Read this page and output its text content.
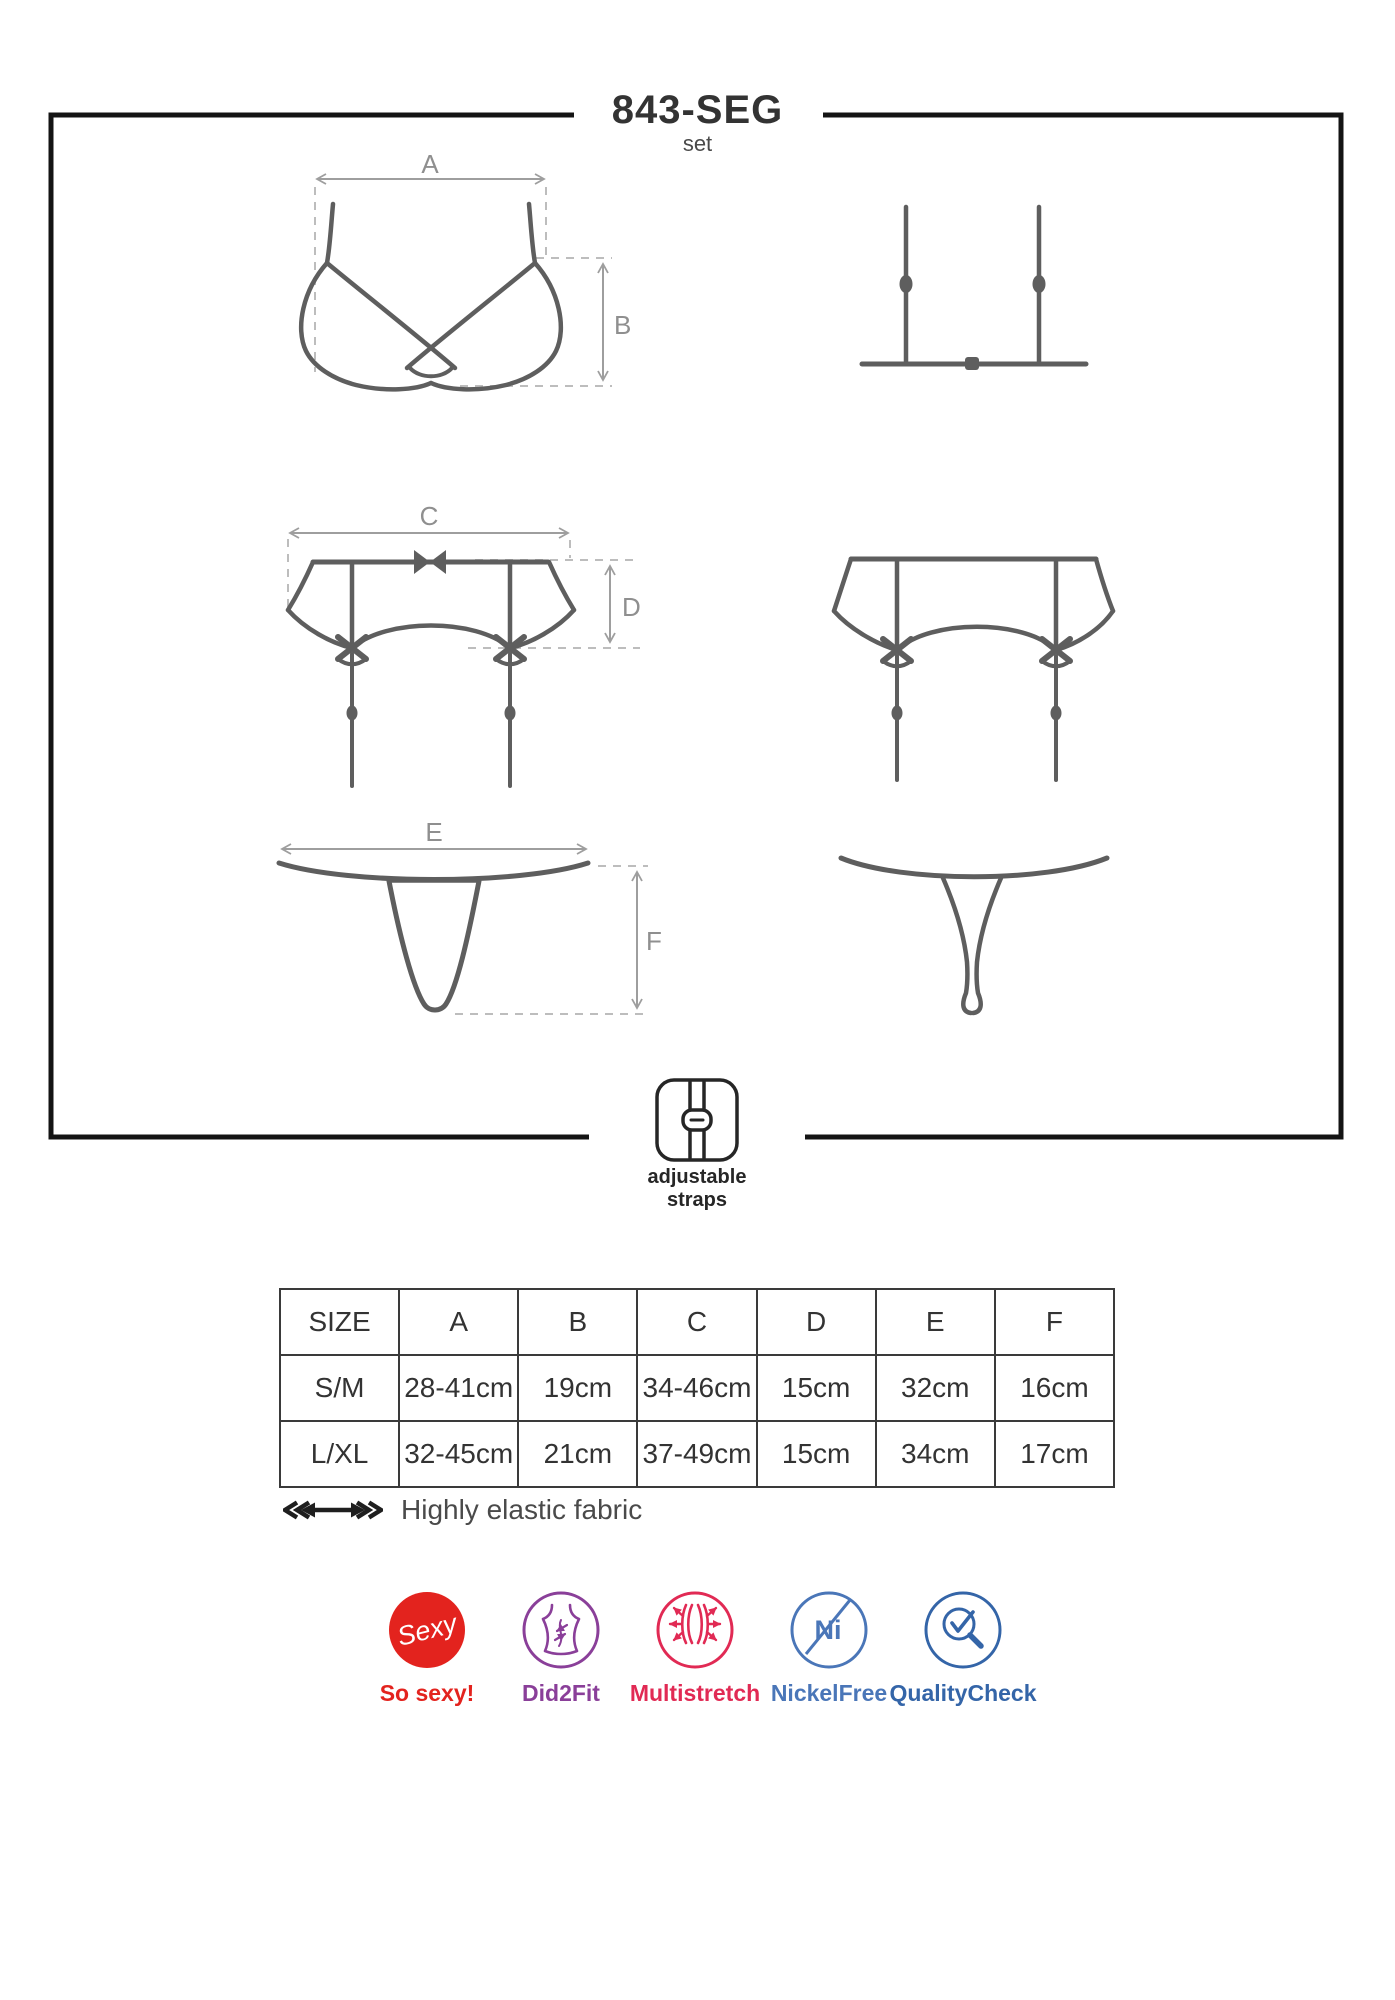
843-SEG
set
A
B
C
D
E
F
adjustable
straps
SIZE	A	B	C	D	E	F
S/M	28-41cm	19cm	34-46cm	15cm	32cm	16cm
L/XL	32-45cm	21cm	37-49cm	15cm	34cm	17cm
Highly elastic fabric
Sexy
So sexy! Did2Fit Multistretch
Ni
NickelFree QualityCheck
